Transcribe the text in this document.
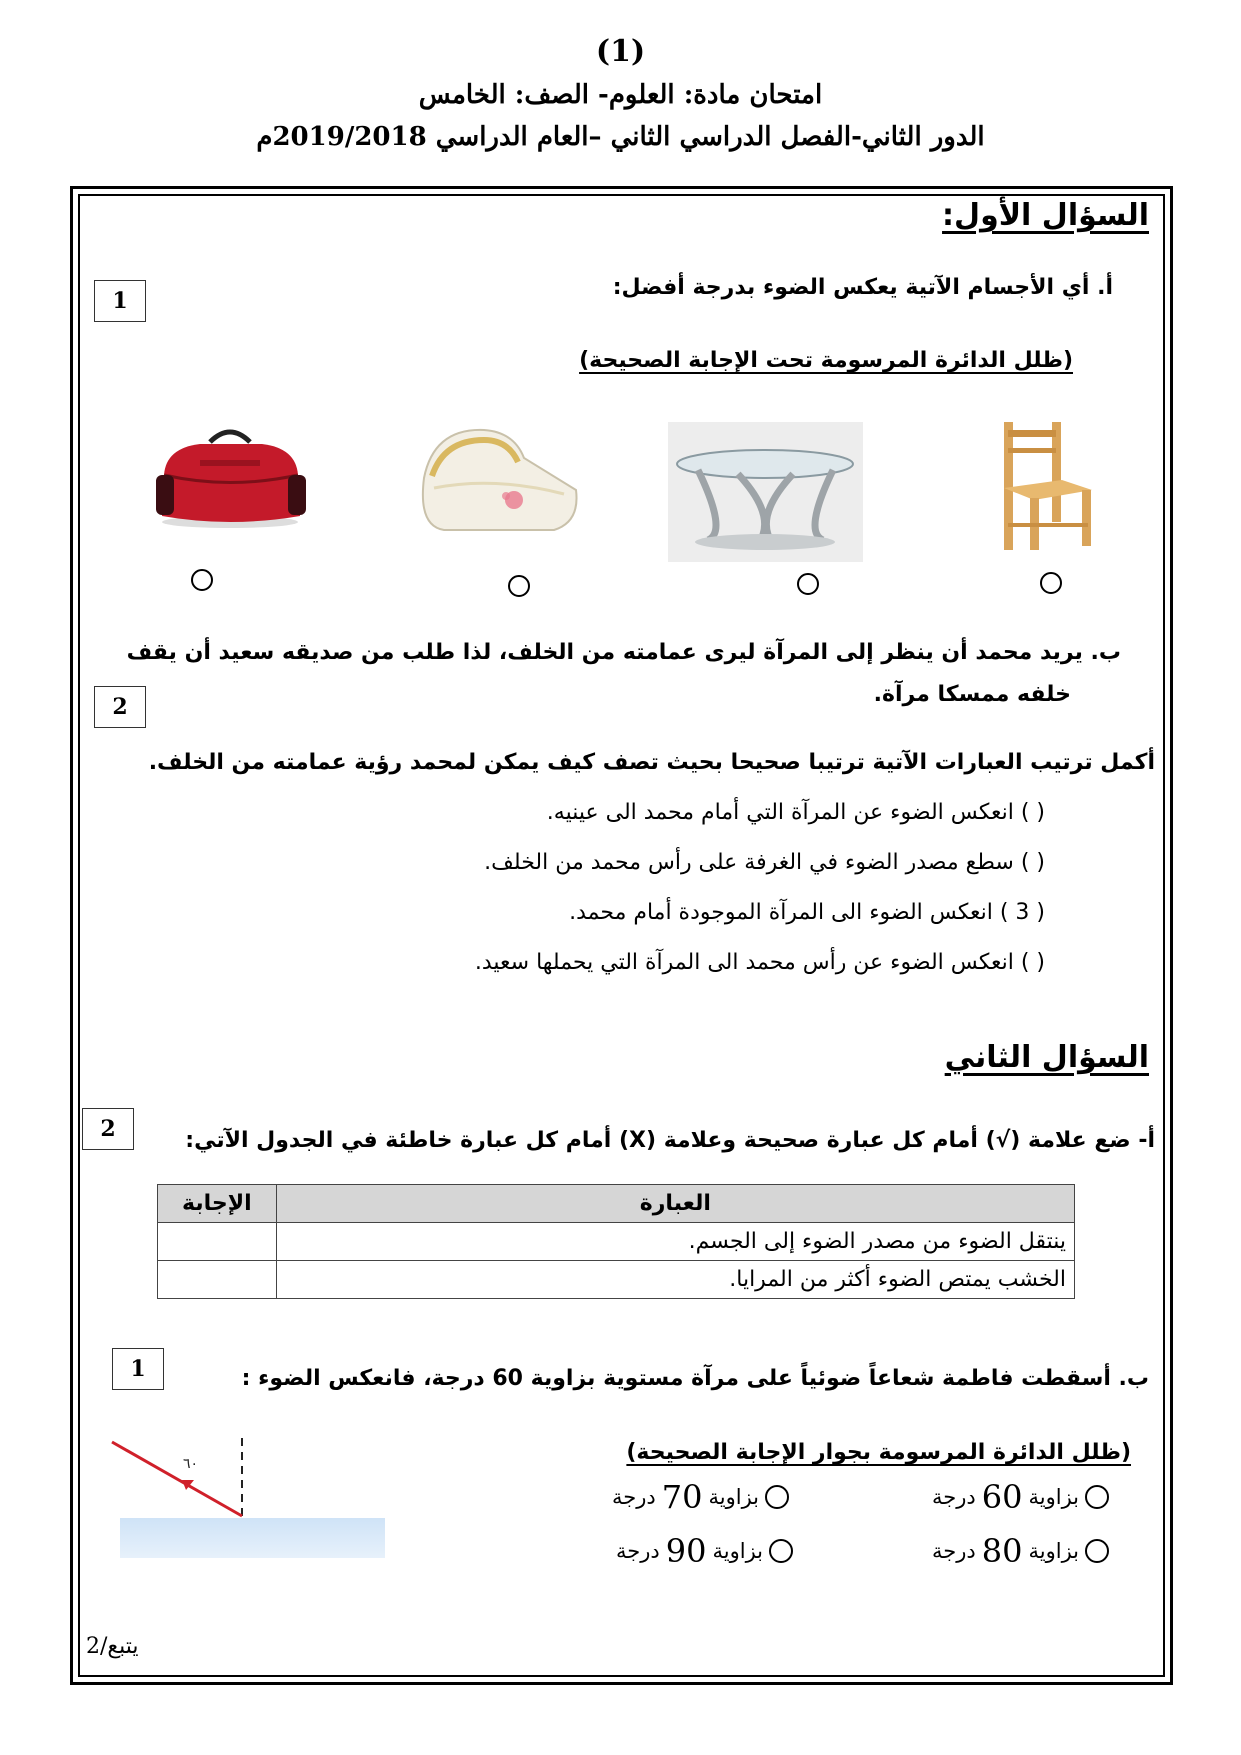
(1)
امتحان مادة: العلوم- الصف: الخامس
الدور الثاني-الفصل الدراسي الثاني –العام الدراسي 2019/2018م
السؤال الأول:
أ. أي الأجسام الآتية يعكس الضوء بدرجة أفضل:
1
(ظلل الدائرة المرسومة تحت الإجابة الصحيحة)
ب. يريد محمد أن ينظر إلى المرآة ليرى عمامته من الخلف، لذا طلب من صديقه سعيد أن يقف
خلفه ممسكا مرآة.
2
أكمل ترتيب العبارات الآتية ترتيبا صحيحا بحيث تصف كيف يمكن لمحمد رؤية عمامته من الخلف.
( ) انعكس الضوء عن المرآة التي أمام محمد الى عينيه.
( ) سطع مصدر الضوء في الغرفة على رأس محمد من الخلف.
( 3 ) انعكس الضوء الى المرآة الموجودة أمام محمد.
( ) انعكس الضوء عن رأس محمد الى المرآة التي يحملها سعيد.
السؤال الثاني
أ- ضع علامة (√) أمام كل عبارة صحيحة وعلامة (X) أمام كل عبارة خاطئة في الجدول الآتي:
2
العبارة	الإجابة
ينتقل الضوء من مصدر الضوء إلى الجسم.	
الخشب يمتص الضوء أكثر من المرايا.	
ب. أسقطت فاطمة شعاعاً ضوئياً على مرآة مستوية بزاوية 60 درجة، فانعكس الضوء :
1
(ظلل الدائرة المرسومة بجوار الإجابة الصحيحة)
٦٠
بزاوية
60
درجة
بزاوية
70
درجة
بزاوية
80
درجة
بزاوية
90
درجة
يتبع/2
